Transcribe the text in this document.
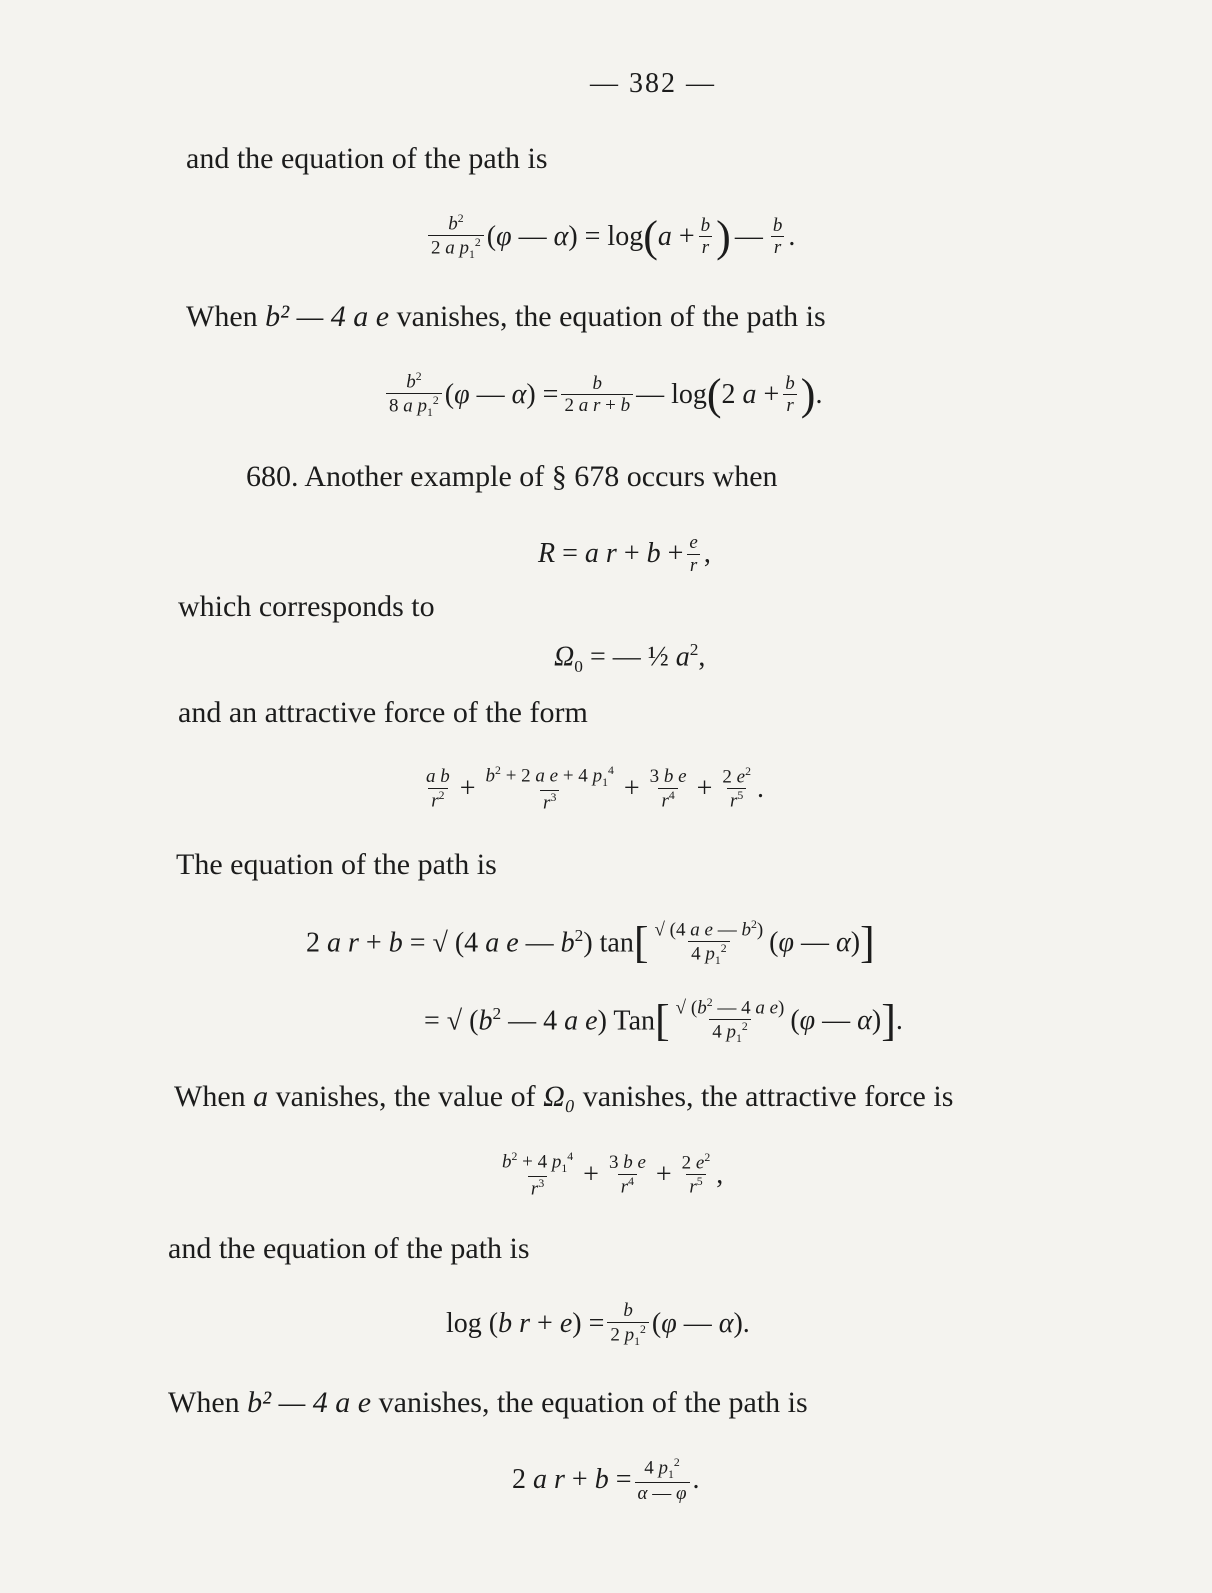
— 382 —
and the equation of the path is
$\frac{b^2}{2 a p_1^2} (\varphi$ — α) = log ( $a + \frac{b}{r}$ ) — $\frac{b}{r}$ .
When b² — 4 a e vanishes, the equation of the path is
$\frac{b^2}{8 a p_1^2} (\varphi$ — $\alpha) = \frac{b}{\text{2 a r + b}}$ — log ( 2 $a + \frac{b}{r}$ ) .
680. Another example of § 678 occurs when
R = a $r + b + \frac{e}{r}$ ,
which corresponds to
$\Omega_0$ = — ½ $a^2$,
and an attractive force of the form
$\frac{\text{a b}}{r^2} + \frac{b^2 + 2 a e + 4 p_1^4}{r^3} + \frac{\text{3 b e}}{r^4} + \frac{2 e^2}{r^5}$ .
The equation of the path is
2 a r + b = √ (4 a e — $b^2$) tan [ $\frac{√ (4 a e — b^2)}{4 p_1^2} (\varphi$ — α) ]
= √ ($b^2$ — 4 a e) Tan [ $\frac{√ (b^2 — 4 a e)}{4 p_1^2} (\varphi$ — α) ] .
When a vanishes, the value of Ω₀ vanishes, the attractive force is
$\frac{b^2 + 4 p_1^4}{r^3} + \frac{\text{3 b e}}{r^4} + \frac{2 e^2}{r^5}$ ,
and the equation of the path is
log (b $r + e) = \frac{b}{2 p_1^2} (\varphi$ — α).
When b² — 4 a e vanishes, the equation of the path is
2 a $r + b = \frac{4 p_1^2}{\alpha — \varphi}$ .
